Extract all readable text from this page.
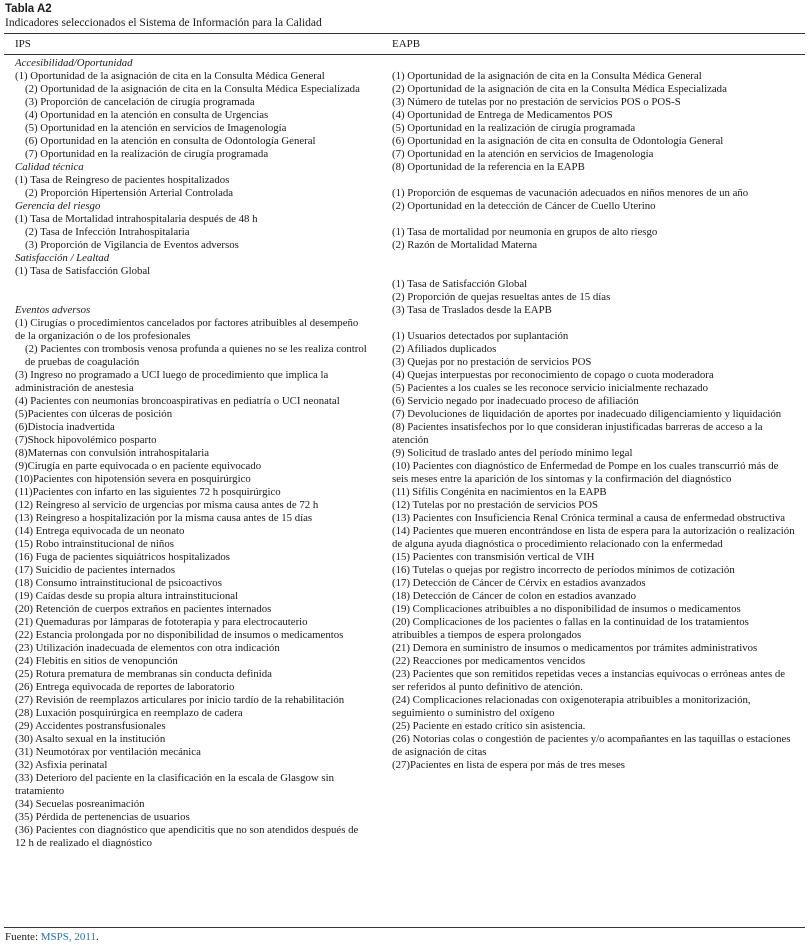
Tabla A2
Indicadores seleccionados el Sistema de Información para la Calidad
IPS	EAPB
Accesibilidad/Oportunidad
(1) Oportunidad de la asignación de cita en la Consulta Médica General
(2) Oportunidad de la asignación de cita en la Consulta Médica Especializada
(3) Proporción de cancelación de cirugía programada
(4) Oportunidad en la atención en consulta de Urgencias
(5) Oportunidad en la atención en servicios de Imagenología
(6) Oportunidad en la atención en consulta de Odontología General
(7) Oportunidad en la realización de cirugía programada
Calidad técnica
(1) Tasa de Reingreso de pacientes hospitalizados
(2) Proporción Hipertensión Arterial Controlada
Gerencia del riesgo
(1) Tasa de Mortalidad intrahospitalaria después de 48 h
(2) Tasa de Infección Intrahospitalaria
(3) Proporción de Vigilancia de Eventos adversos
Satisfacción / Lealtad
(1) Tasa de Satisfacción Global
Eventos adversos
(1) Cirugías o procedimientos cancelados por factores atribuibles al desempeño de la organización o de los profesionales
(2) Pacientes con trombosis venosa profunda a quienes no se les realiza control de pruebas de coagulación
(3) Ingreso no programado a UCI luego de procedimiento que implica la administración de anestesia
(4) Pacientes con neumonías broncoaspirativas en pediatría o UCI neonatal
(5)Pacientes con úlceras de posición
(6)Distocia inadvertida
(7)Shock hipovolémico posparto
(8)Maternas con convulsión intrahospitalaria
(9)Cirugía en parte equivocada o en paciente equivocado
(10)Pacientes con hipotensión severa en posquirúrgico
(11)Pacientes con infarto en las siguientes 72 h posquirúrgico
(12) Reingreso al servicio de urgencias por misma causa antes de 72 h
(13) Reingreso a hospitalización por la misma causa antes de 15 días
(14) Entrega equivocada de un neonato
(15) Robo intrainstitucional de niños
(16) Fuga de pacientes siquiátricos hospitalizados
(17) Suicidio de pacientes internados
(18) Consumo intrainstitucional de psicoactivos
(19) Caídas desde su propia altura intrainstitucional
(20) Retención de cuerpos extraños en pacientes internados
(21) Quemaduras por lámparas de fototerapia y para electrocauterio
(22) Estancia prolongada por no disponibilidad de insumos o medicamentos
(23) Utilización inadecuada de elementos con otra indicación
(24) Flebitis en sitios de venopunción
(25) Rotura prematura de membranas sin conducta definida
(26) Entrega equivocada de reportes de laboratorio
(27) Revisión de reemplazos articulares por inicio tardío de la rehabilitación
(28) Luxación posquirúrgica en reemplazo de cadera
(29) Accidentes postransfusionales
(30) Asalto sexual en la institución
(31) Neumotórax por ventilación mecánica
(32) Asfixia perinatal
(33) Deterioro del paciente en la clasificación en la escala de Glasgow sin tratamiento
(34) Secuelas posreanimación
(35) Pérdida de pertenencias de usuarios
(36) Pacientes con diagnóstico que apendicitis que no son atendidos después de 12 h de realizado el diagnóstico
(1) Oportunidad de la asignación de cita en la Consulta Médica General
(2) Oportunidad de la asignación de cita en la Consulta Médica Especializada
(3) Número de tutelas por no prestación de servicios POS o POS-S
(4) Oportunidad de Entrega de Medicamentos POS
(5) Oportunidad en la realización de cirugía programada
(6) Oportunidad en la asignación de cita en consulta de Odontología General
(7) Oportunidad en la atención en servicios de Imagenología
(8) Oportunidad de la referencia en la EAPB
(1) Proporción de esquemas de vacunación adecuados en niños menores de un año
(2) Oportunidad en la detección de Cáncer de Cuello Uterino
(1) Tasa de mortalidad por neumonía en grupos de alto riesgo
(2) Razón de Mortalidad Materna
(1) Tasa de Satisfacción Global
(2) Proporción de quejas resueltas antes de 15 días
(3) Tasa de Traslados desde la EAPB
(1) Usuarios detectados por suplantación
(2) Afiliados duplicados
(3) Quejas por no prestación de servicios POS
(4) Quejas interpuestas por reconocimiento de copago o cuota moderadora
(5) Pacientes a los cuales se les reconoce servicio inicialmente rechazado
(6) Servicio negado por inadecuado proceso de afiliación
(7) Devoluciones de liquidación de aportes por inadecuado diligenciamiento y liquidación
(8) Pacientes insatisfechos por lo que consideran injustificadas barreras de acceso a la atención
(9) Solicitud de traslado antes del período mínimo legal
(10) Pacientes con diagnóstico de Enfermedad de Pompe en los cuales transcurrió más de seis meses entre la aparición de los síntomas y la confirmación del diagnóstico
(11) Sífilis Congénita en nacimientos en la EAPB
(12) Tutelas por no prestación de servicios POS
(13) Pacientes con Insuficiencia Renal Crónica terminal a causa de enfermedad obstructiva
(14) Pacientes que mueren encontrándose en lista de espera para la autorización o realización de alguna ayuda diagnóstica o procedimiento relacionado con la enfermedad
(15) Pacientes con transmisión vertical de VIH
(16) Tutelas o quejas por registro incorrecto de períodos mínimos de cotización
(17) Detección de Cáncer de Cérvix en estadios avanzados
(18) Detección de Cáncer de colon en estadios avanzado
(19) Complicaciones atribuibles a no disponibilidad de insumos o medicamentos
(20) Complicaciones de los pacientes o fallas en la continuidad de los tratamientos atribuibles a tiempos de espera prolongados
(21) Demora en suministro de insumos o medicamentos por trámites administrativos
(22) Reacciones por medicamentos vencidos
(23) Pacientes que son remitidos repetidas veces a instancias equivocas o erróneas antes de ser referidos al punto definitivo de atención.
(24) Complicaciones relacionadas con oxigenoterapia atribuibles a monitorización, seguimiento o suministro del oxígeno
(25) Paciente en estado crítico sin asistencia.
(26) Notorias colas o congestión de pacientes y/o acompañantes en las taquillas o estaciones de asignación de citas
(27)Pacientes en lista de espera por más de tres meses
Fuente: MSPS, 2011.
